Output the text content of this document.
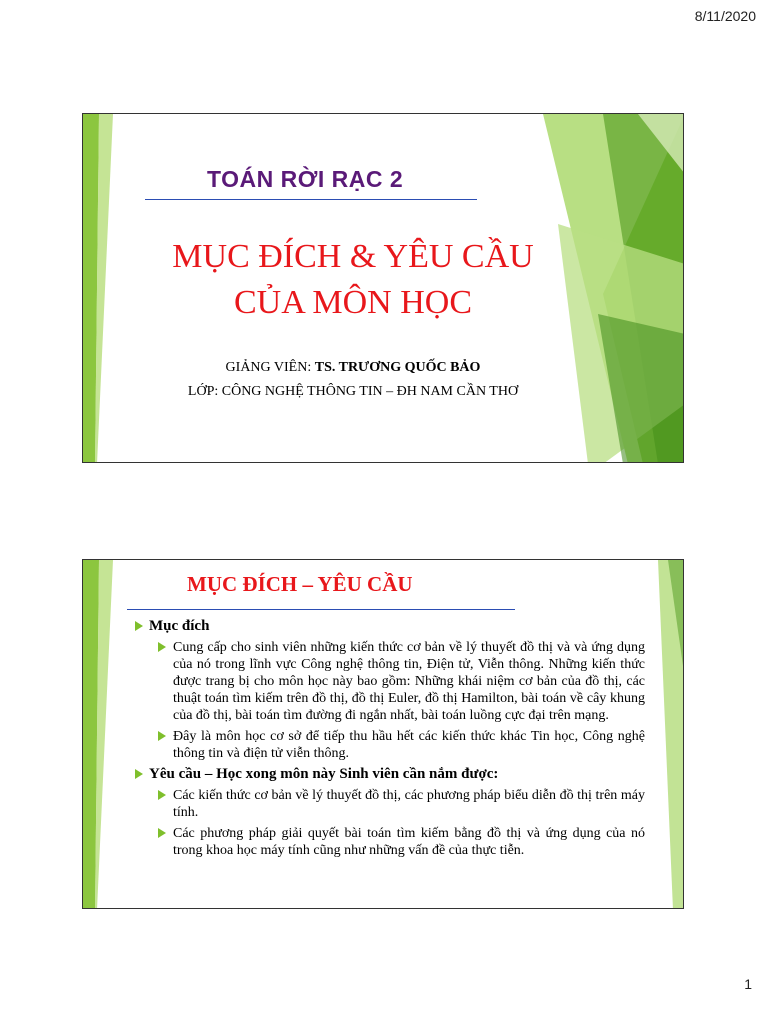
8/11/2020
TOÁN RỜI RẠC 2
MỤC ĐÍCH & YÊU CẦU
CỦA MÔN HỌC
GIẢNG VIÊN: TS. TRƯƠNG QUỐC BẢO
LỚP: CÔNG NGHỆ THÔNG TIN – ĐH NAM CẦN THƠ
MỤC ĐÍCH – YÊU CẦU
Mục đích
Cung cấp cho sinh viên những kiến thức cơ bản về lý thuyết đồ thị và và ứng dụng của nó trong lĩnh vực Công nghệ thông tin, Điện tử, Viễn thông. Những kiến thức được trang bị cho môn học này bao gồm: Những khái niệm cơ bản của đồ thị, các thuật toán tìm kiếm trên đồ thị, đồ thị Euler, đồ thị Hamilton, bài toán về cây khung của đồ thị, bài toán tìm đường đi ngắn nhất, bài toán luồng cực đại trên mạng.
Đây là môn học cơ sở để tiếp thu hầu hết các kiến thức khác Tin học, Công nghệ thông tin và điện tử viễn thông.
Yêu cầu – Học xong môn này Sinh viên cần nắm được:
Các kiến thức cơ bản về lý thuyết đồ thị, các phương pháp biểu diễn đồ thị trên máy tính.
Các phương pháp giải quyết bài toán tìm kiếm bằng đồ thị và ứng dụng của nó trong khoa học máy tính cũng như những vấn đề của thực tiễn.
1
